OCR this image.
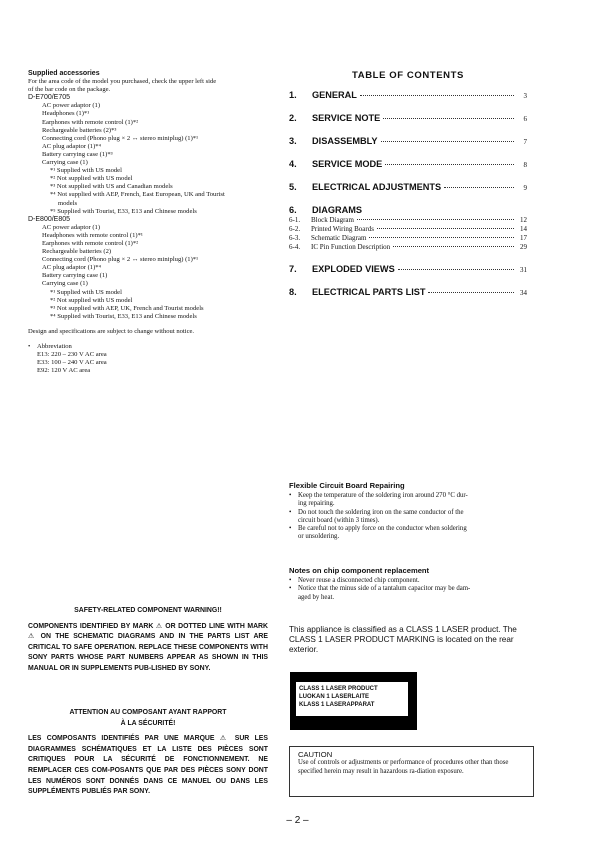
Supplied accessories
For the area code of the model you purchased, check the upper left side
of the bar code on the package.
D-E700/E705
AC power adaptor (1)
Headphones (1)*¹
Earphones with remote control (1)*²
Rechargeable batteries (2)*³
Connecting cord (Phono plug × 2 ↔ stereo miniplug) (1)*¹
AC plug adaptor (1)*⁴
Battery carrying case (1)*³
Carrying case (1)
*¹ Supplied with US model
*² Not supplied with US model
*³ Not supplied with US and Canadian models
*⁴ Not supplied with AEP, French, East European, UK and Tourist
models
*⁵ Supplied with Tourist, E33, E13 and Chinese models
D-E800/E805
AC power adaptor (1)
Headphones with remote control (1)*¹
Earphones with remote control (1)*²
Rechargeable batteries (2)
Connecting cord (Phono plug × 2 ↔ stereo miniplug) (1)*¹
AC plug adaptor (1)*⁴
Battery carrying case (1)
Carrying case (1)
*¹ Supplied with US model
*² Not supplied with US model
*³ Not supplied with AEP, UK, French and Tourist models
*⁴ Supplied with Tourist, E33, E13 and Chinese models
Design and specifications are subject to change without notice.
•	Abbreviation
E13: 220 – 230 V AC area
E33: 100 – 240 V AC area
E92: 120 V AC area
TABLE OF CONTENTS
1.	GENERAL	3
2.	SERVICE NOTE	6
3.	DISASSEMBLY	7
4.	SERVICE MODE	8
5.	ELECTRICAL ADJUSTMENTS	9
6.	DIAGRAMS
6-1.	Block Diagram	12
6-2.	Printed Wiring Boards	14
6-3.	Schematic Diagram	17
6-4.	IC Pin Function Description	29
7.	EXPLODED VIEWS	31
8.	ELECTRICAL PARTS LIST	34
Flexible Circuit Board Repairing
• Keep the temperature of the soldering iron around 270 °C dur-
ing repairing.
• Do not touch the soldering iron on the same conductor of the
circuit board (within 3 times).
• Be careful not to apply force on the conductor when soldering
or unsoldering.
Notes on chip component replacement
• Never reuse a disconnected chip component.
• Notice that the minus side of a tantalum capacitor may be dam-
aged by heat.
This appliance is classified as a CLASS 1 LASER product. The CLASS 1 LASER PRODUCT MARKING is located on the rear exterior.
CLASS 1 LASER PRODUCT
LUOKAN 1 LASERLAITE
KLASS 1 LASERAPPARAT
CAUTION
Use of controls or adjustments or performance of procedures other than those specified herein may result in hazardous ra-diation exposure.
SAFETY-RELATED COMPONENT WARNING!!
COMPONENTS IDENTIFIED BY MARK ⚠ OR DOTTED LINE WITH MARK ⚠ ON THE SCHEMATIC DIAGRAMS AND IN THE PARTS LIST ARE CRITICAL TO SAFE OPERATION. REPLACE THESE COMPONENTS WITH SONY PARTS WHOSE PART NUMBERS APPEAR AS SHOWN IN THIS MANUAL OR IN SUPPLEMENTS PUB-LISHED BY SONY.
ATTENTION AU COMPOSANT AYANT RAPPORT
À LA SÉCURITÉ!
LES COMPOSANTS IDENTIFIÉS PAR UNE MARQUE ⚠ SUR LES DIAGRAMMES SCHÉMATIQUES ET LA LISTE DES PIÈCES SONT CRITIQUES POUR LA SÉCURITÉ DE FONCTIONNEMENT. NE REMPLACER CES COM-POSANTS QUE PAR DES PIÈCES SONY DONT LES NUMÉROS SONT DONNÉS DANS CE MANUEL OU DANS LES SUPPLÉMENTS PUBLIÉS PAR SONY.
– 2 –
